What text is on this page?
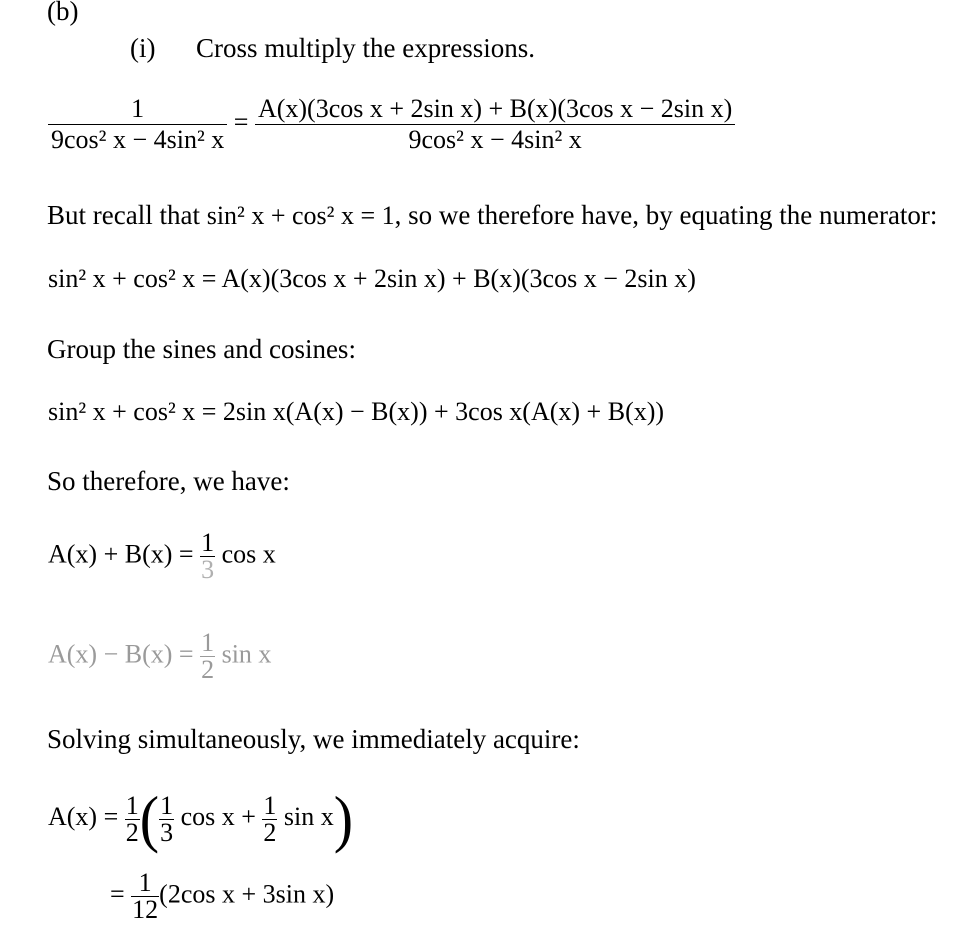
(b)
(i) Cross multiply the expressions.
$\frac{1}{\text{9cos² x − 4sin² x}} = \frac{\text{A(x)(3cos x + 2sin x) + B(x)(3cos x − 2sin x)}}{\text{9cos² x − 4sin² x}}$
But recall that sin² x + cos² x = 1, so we therefore have, by equating the numerator:
sin² x + cos² x = A(x)(3cos x + 2sin x) + B(x)(3cos x − 2sin x)
Group the sines and cosines:
sin² x + cos² x = 2sin x(A(x) − B(x)) + 3cos x(A(x) + B(x))
So therefore, we have:
$A(x) + B(x) = \frac{1}{3}$ cos x
$A(x) - B(x) = \frac{1}{2}$ sin x
Solving simultaneously, we immediately acquire:
$A(x) = \frac{1}{2}$ ( $\frac{1}{3}$ $\cos x + \frac{1}{2}$ sin x)
= $\frac{1}{12} (2\cos$ x + 3sin x)
